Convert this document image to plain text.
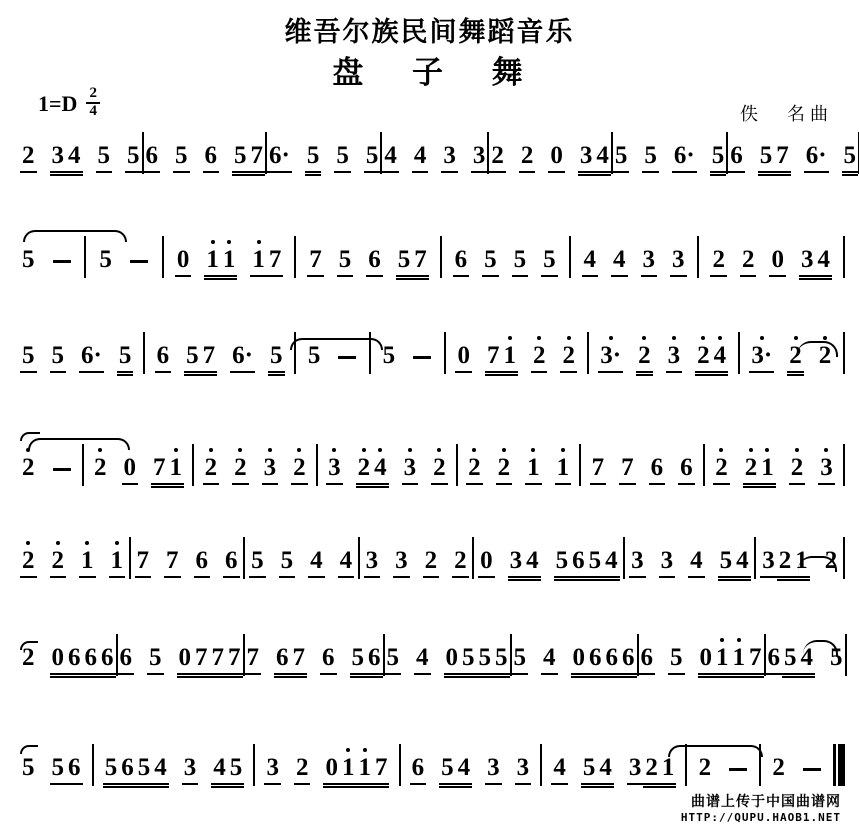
维吾尔族民间舞蹈音乐
盘 子 舞
$1=D \frac{2}{4}$	佚 名曲
2 3 4 5 5 6 5 6 5 7 6· 5 5 5 4 4 3 3 2 2 0 3 4 5 5 6· 5 6 5 7 6· 5
5	5	0 1 1 1 7 7 5 6 5 7 6 5 5 5 4 4 3 3 2 2 0 3 4
5 5 6· 5 6 5 7 6· 5 5 5 0 7 1 2 2 3· 2 3 2 4 3· 2 2
2 2 0 7 1 2 2 3 2 3 2 4 3 2 2 2 1 1 7 7 6 6 2 2 1 2 3
2 2 1 1 7 7 6 6 5 5 4 4 3 3 2 2 0 3 4 5 6 5 4 3 3 4 5 4 3 2 1 2
2 0 6 6 6 6 5 0 7 7 7 7 6 7 6 5 6 5 4 0 5 5 5 5 4 0 6 6 6 6 5 0 1 1 7 6 5 4 5
5 5 6 5 6 5 4 3 4 5 3 2 0 1 1 7 6 5 4 3 3 4 5 4 3 2 1 2 2
曲谱上传于中国曲谱网
HTTP://QUPU.HAOB1.NET
